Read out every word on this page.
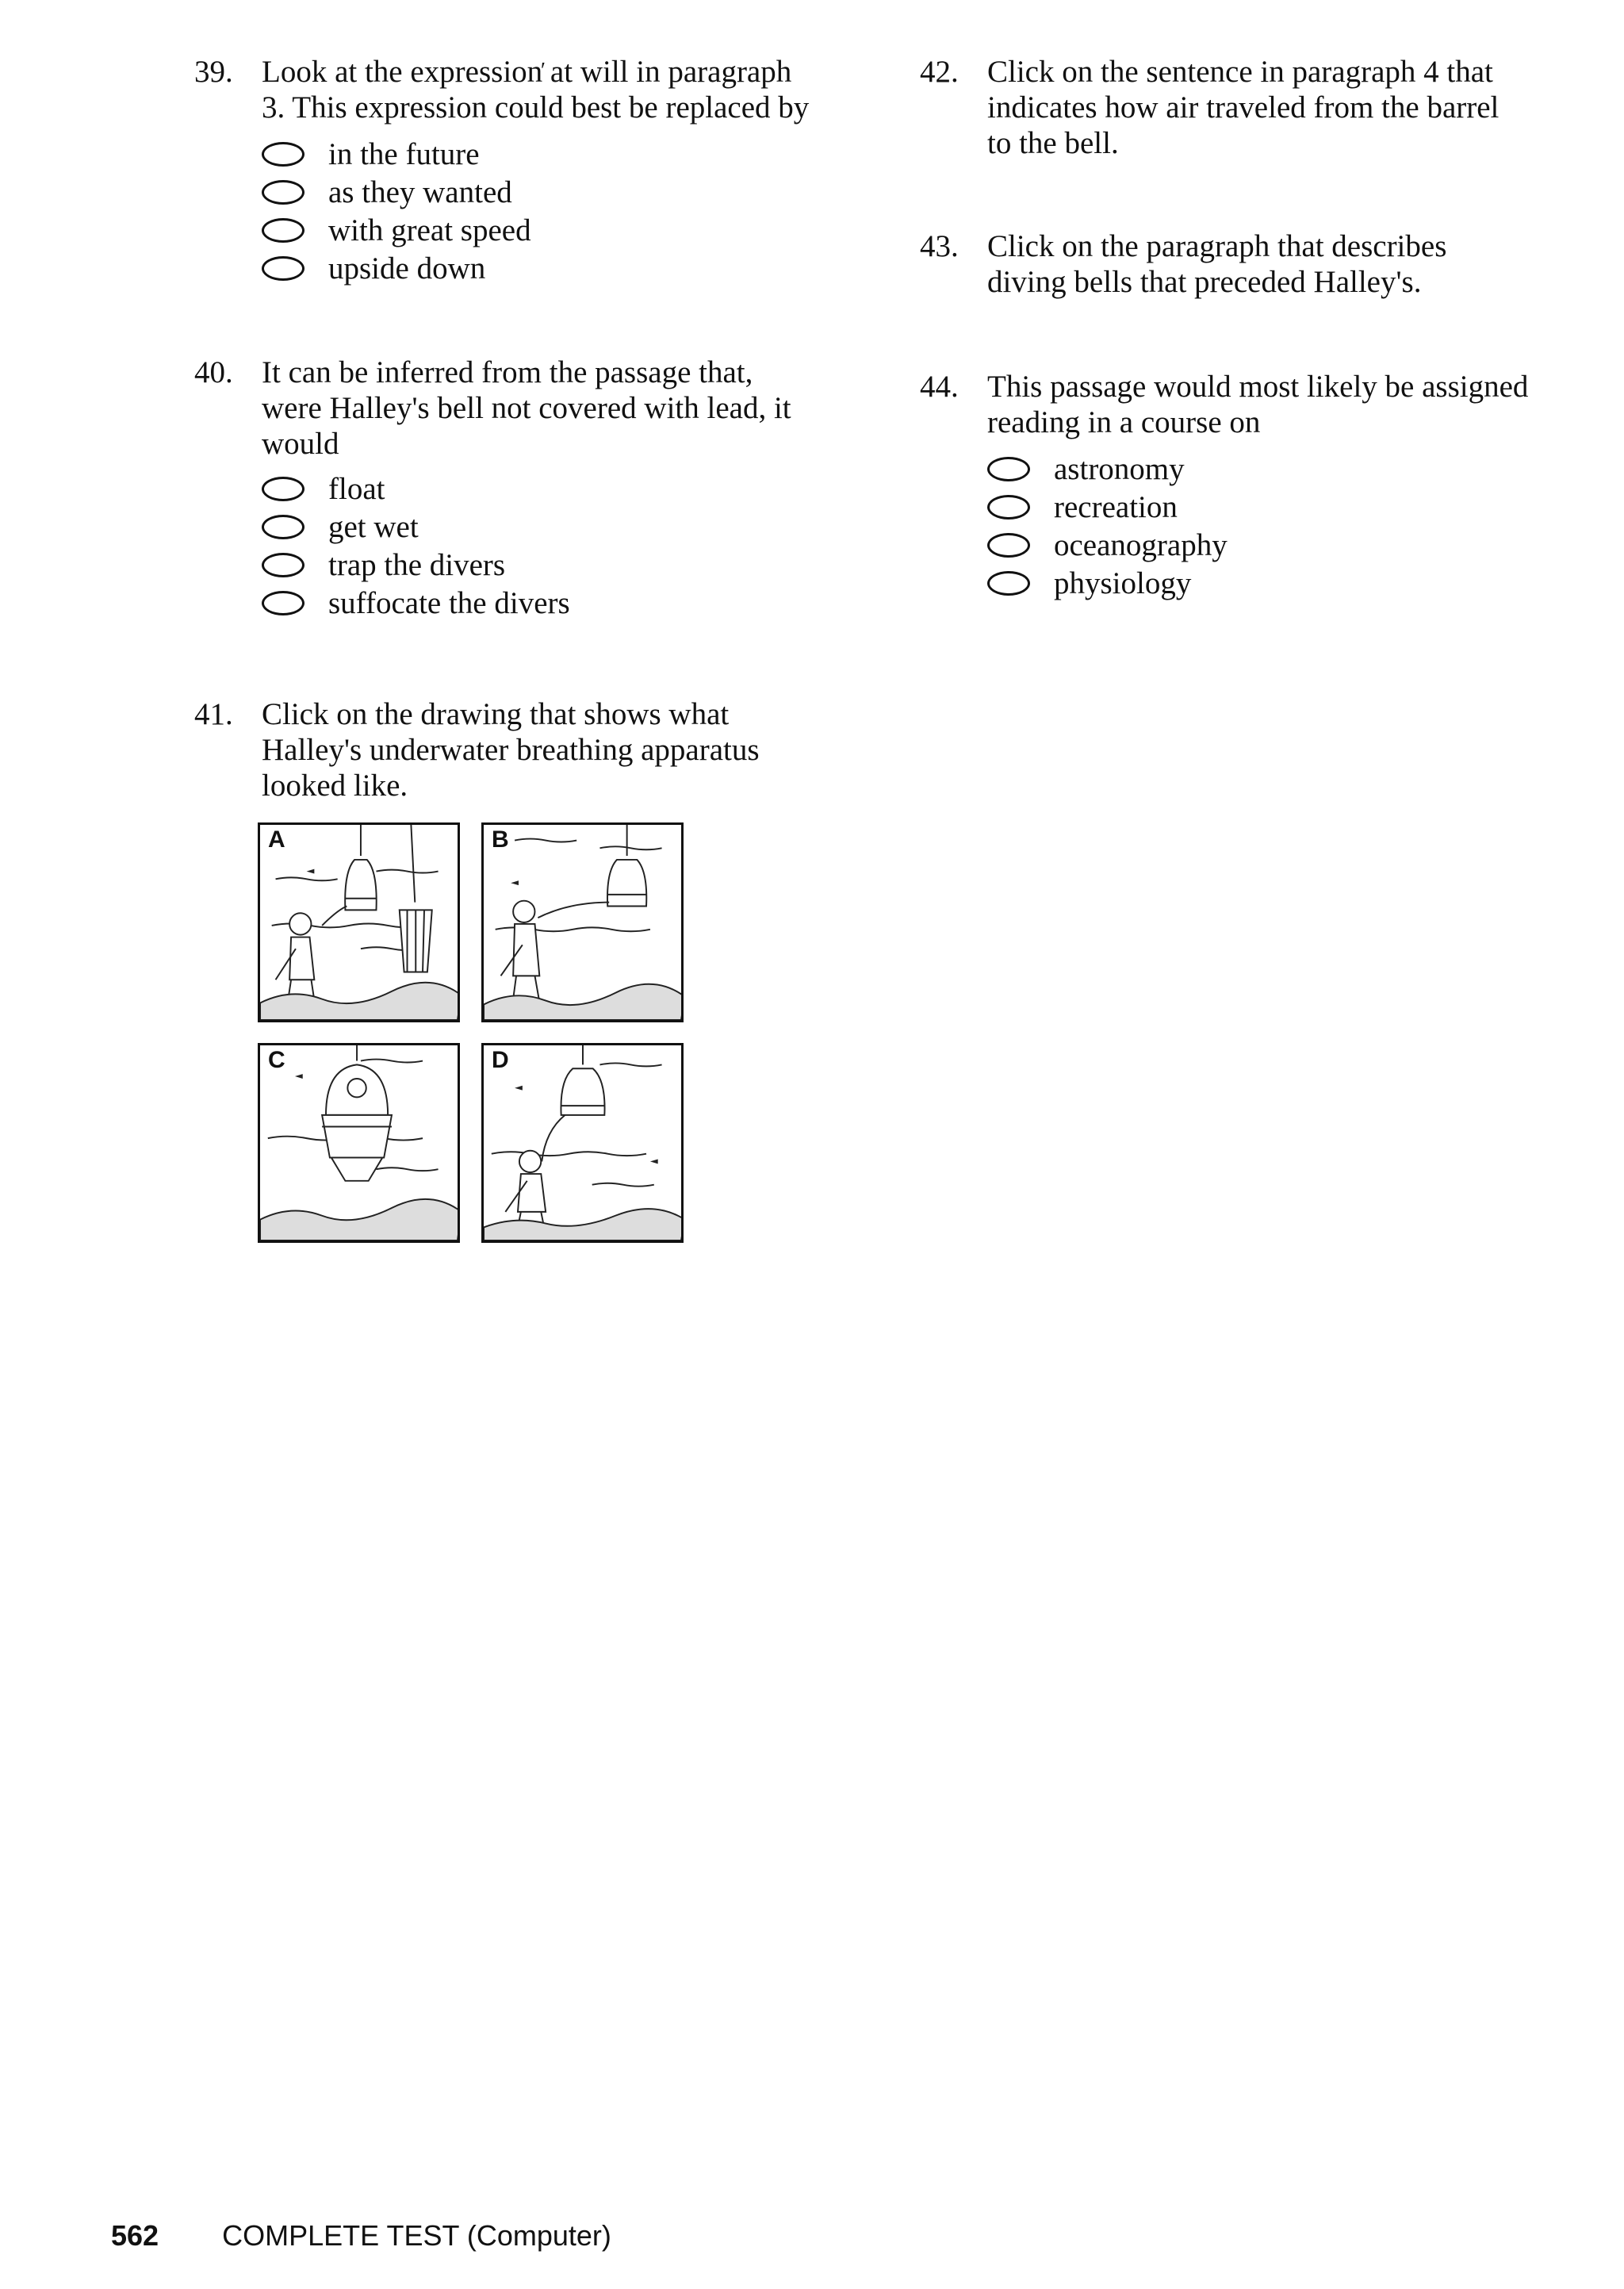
39. Look at the expression ′ at will in paragraph
3. This expression could best be replaced by
in the future
as they wanted
with great speed
upside down
40. It can be inferred from the passage that,
were Halley's bell not covered with lead, it
would
float
get wet
trap the divers
suffocate the divers
41. Click on the drawing that shows what
Halley's underwater breathing apparatus
looked like.
A	B
C	D
42. Click on the sentence in paragraph 4 that
indicates how air traveled from the barrel
to the bell.
43. Click on the paragraph that describes
diving bells that preceded Halley's.
44. This passage would most likely be assigned
reading in a course on
astronomy
recreation
oceanography
physiology
562 COMPLETE TEST (Computer)
